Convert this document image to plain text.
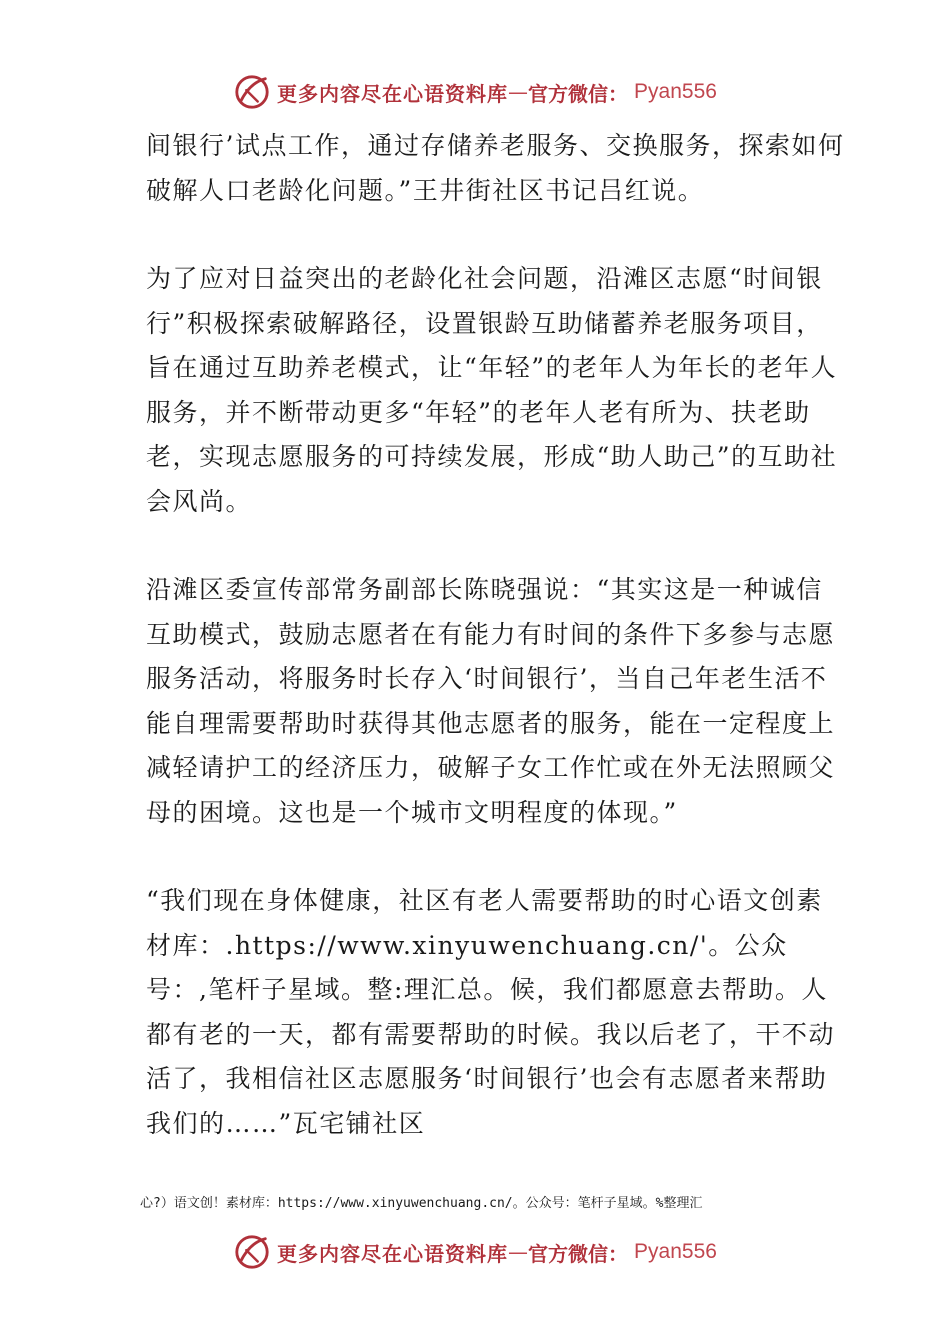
更多内容尽在心语资料库 — 官方微信： Pyan556

间银行’试点工作，通过存储养老服务、交换服务，探索如何破解人口老龄化问题。”王井街社区书记吕红说。

为了应对日益突出的老龄化社会问题，沿滩区志愿“时间银行”积极探索破解路径，设置银龄互助储蓄养老服务项目，旨在通过互助养老模式，让“年轻”的老年人为年长的老年人服务，并不断带动更多“年轻”的老年人老有所为、扶老助老，实现志愿服务的可持续发展，形成“助人助己”的互助社会风尚。

沿滩区委宣传部常务副部长陈晓强说：“其实这是一种诚信互助模式，鼓励志愿者在有能力有时间的条件下多参与志愿服务活动，将服务时长存入‘时间银行’，当自己年老生活不能自理需要帮助时获得其他志愿者的服务，能在一定程度上减轻请护工的经济压力，破解子女工作忙或在外无法照顾父母的困境。这也是一个城市文明程度的体现。”

“我们现在身体健康，社区有老人需要帮助的时心语文创素材库：.https://www.xinyuwenchuang.cn/'。公众号：,笔杆子星域。整:理汇总。候，我们都愿意去帮助。人都有老的一天，都有需要帮助的时候。我以后老了，干不动活了，我相信社区志愿服务‘时间银行’也会有志愿者来帮助我们的……”瓦宅铺社区

心?）语文创！素材库：https://www.xinyuwenchuang.cn/。公众号：笔杆子星域。%整理汇
更多内容尽在心语资料库 — 官方微信： Pyan556
